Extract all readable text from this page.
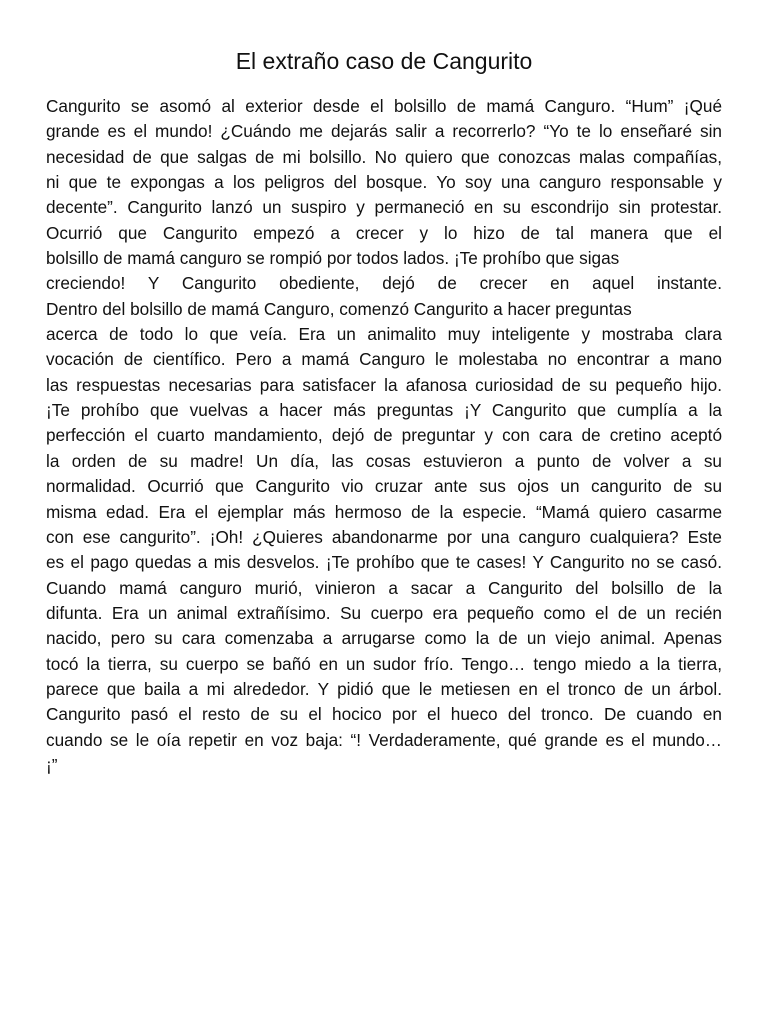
El extraño caso de Cangurito
Cangurito se asomó al exterior desde el bolsillo de mamá Canguro. “Hum” ¡Qué
grande es el mundo! ¿Cuándo me dejarás salir a recorrerlo? “Yo te lo enseñaré sin
necesidad de que salgas de mi bolsillo. No quiero que conozcas malas compañías,
ni que te expongas a los peligros del bosque. Yo soy una canguro responsable y
decente”. Cangurito lanzó un suspiro y permaneció en su escondrijo sin protestar.
Ocurrió que Cangurito empezó a crecer y lo hizo de tal manera que el
bolsillo de mamá canguro se rompió por todos lados. ¡Te prohíbo que sigas
creciendo! Y Cangurito obediente, dejó de crecer en aquel instante.
Dentro del bolsillo de mamá Canguro, comenzó Cangurito a hacer preguntas
acerca de todo lo que veía. Era un animalito muy inteligente y mostraba clara
vocación de científico. Pero a mamá Canguro le molestaba no encontrar a mano
las respuestas necesarias para satisfacer la afanosa curiosidad de su pequeño hijo.
¡Te prohíbo que vuelvas a hacer más preguntas ¡Y Cangurito que cumplía a la
perfección el cuarto mandamiento, dejó de preguntar y con cara de cretino aceptó
la orden de su madre! Un día, las cosas estuvieron a punto de volver a su
normalidad. Ocurrió que Cangurito vio cruzar ante sus ojos un cangurito de su
misma edad. Era el ejemplar más hermoso de la especie. “Mamá quiero casarme
con ese cangurito”. ¡Oh! ¿Quieres abandonarme por una canguro cualquiera? Este
es el pago quedas a mis desvelos. ¡Te prohíbo que te cases! Y Cangurito no se casó.
Cuando mamá canguro murió, vinieron a sacar a Cangurito del bolsillo de la
difunta. Era un animal extrañísimo. Su cuerpo era pequeño como el de un recién
nacido, pero su cara comenzaba a arrugarse como la de un viejo animal. Apenas
tocó la tierra, su cuerpo se bañó en un sudor frío. Tengo… tengo miedo a la tierra,
parece que baila a mi alrededor. Y pidió que le metiesen en el tronco de un árbol.
Cangurito pasó el resto de su el hocico por el hueco del tronco. De cuando en
cuando se le oía repetir en voz baja: “! Verdaderamente, qué grande es el mundo…
¡”
